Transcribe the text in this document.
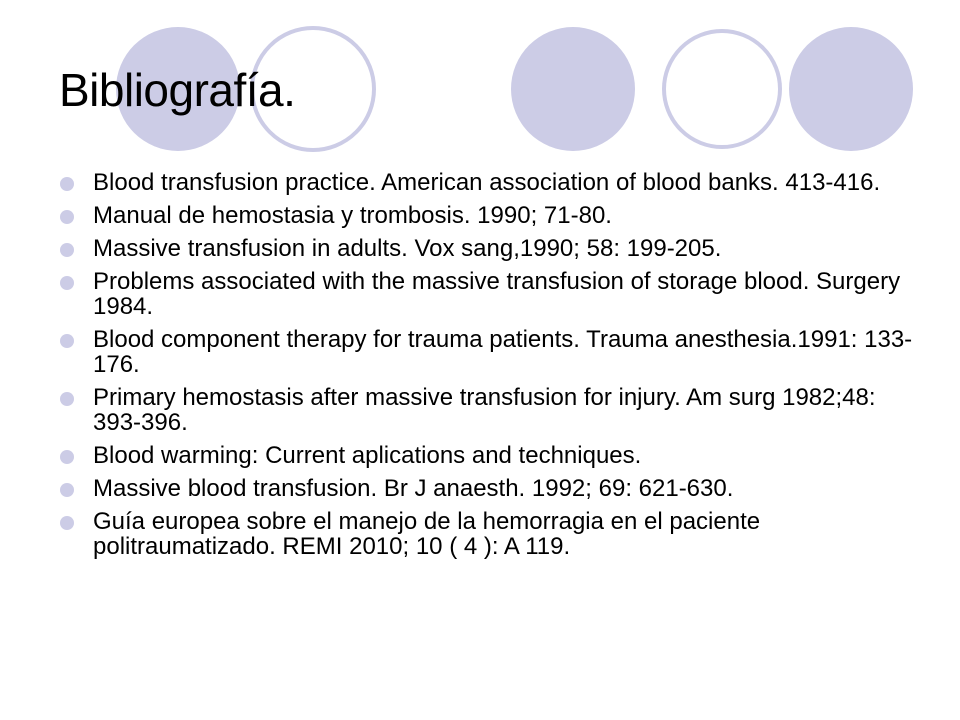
Bibliografía.
Blood transfusion practice. American association of blood banks. 413-416.
Manual de hemostasia y trombosis. 1990; 71-80.
Massive transfusion in adults. Vox sang,1990; 58: 199-205.
Problems associated with the massive transfusion of storage blood. Surgery 1984.
Blood component therapy for trauma patients. Trauma anesthesia.1991: 133-176.
Primary hemostasis after massive transfusion for injury. Am surg 1982;48: 393-396.
Blood warming: Current aplications and techniques.
Massive blood transfusion. Br J anaesth. 1992; 69: 621-630.
Guía europea sobre el manejo de la hemorragia en el paciente politraumatizado. REMI 2010; 10 ( 4 ): A 119.
